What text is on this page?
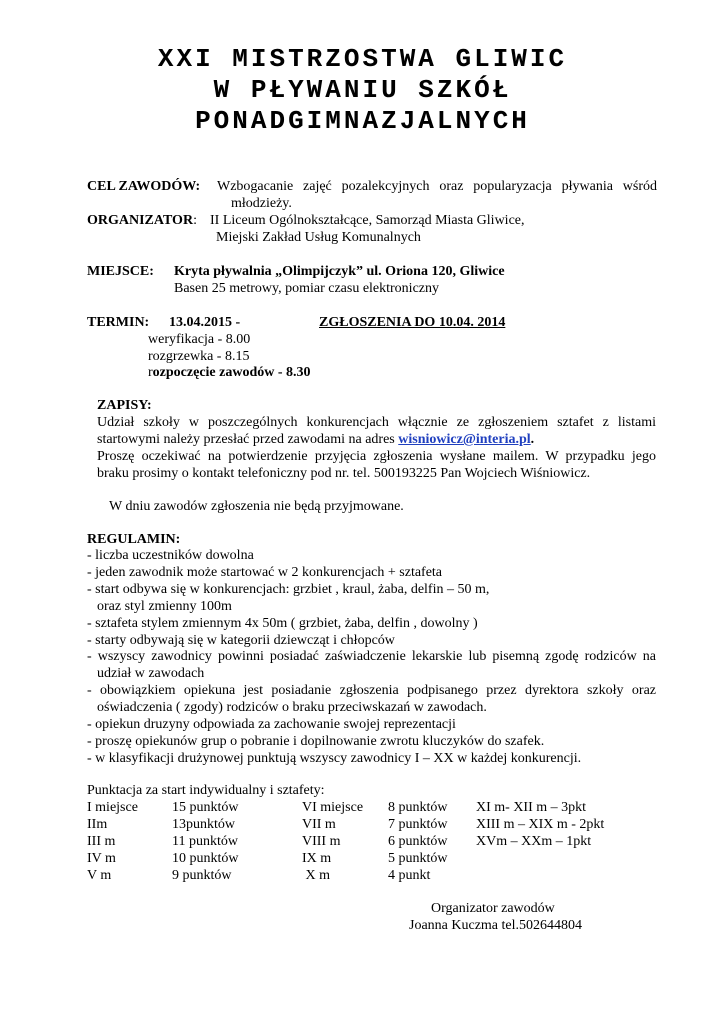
XXI MISTRZOSTWA GLIWIC
W PŁYWANIU SZKÓŁ
PONADGIMNAZJALNYCH
CEL ZAWODÓW: Wzbogacanie zajęć pozalekcyjnych oraz popularyzacja pływania wśród
młodzieży.
ORGANIZATOR: II Liceum Ogólnokształcące, Samorząd Miasta Gliwice,
Miejski Zakład Usług Komunalnych
MIEJSCE: Kryta pływalnia „Olimpijczyk” ul. Oriona 120, Gliwice
Basen 25 metrowy, pomiar czasu elektroniczny
TERMIN: 13.04.2015 -	ZGŁOSZENIA DO 10.04. 2014
weryfikacja - 8.00
rozgrzewka - 8.15
rozpoczęcie zawodów - 8.30
ZAPISY:
Udział szkoły w poszczególnych konkurencjach włącznie ze zgłoszeniem sztafet z listami
startowymi należy przesłać przed zawodami na adres wisniowicz@interia.pl.
Proszę oczekiwać na potwierdzenie przyjęcia zgłoszenia wysłane mailem. W przypadku jego
braku prosimy o kontakt telefoniczny pod nr. tel. 500193225 Pan Wojciech Wiśniowicz.
W dniu zawodów zgłoszenia nie będą przyjmowane.
REGULAMIN:
- liczba uczestników dowolna
- jeden zawodnik może startować w 2 konkurencjach + sztafeta
- start odbywa się w konkurencjach: grzbiet , kraul, żaba, delfin – 50 m,
oraz styl zmienny 100m
- sztafeta stylem zmiennym 4x 50m ( grzbiet, żaba, delfin , dowolny )
- starty odbywają się w kategorii dziewcząt i chłopców
- wszyscy zawodnicy powinni posiadać zaświadczenie lekarskie lub pisemną zgodę rodziców na
udział w zawodach
- obowiązkiem opiekuna jest posiadanie zgłoszenia podpisanego przez dyrektora szkoły oraz
oświadczenia ( zgody) rodziców o braku przeciwskazań w zawodach.
- opiekun druzyny odpowiada za zachowanie swojej reprezentacji
- proszę opiekunów grup o pobranie i dopilnowanie zwrotu kluczyków do szafek.
- w klasyfikacji drużynowej punktują wszyscy zawodnicy I – XX w każdej konkurencji.
Punktacja za start indywidualny i sztafety:
I miejsce
IIm
III m
IV m
V m
15 punktów
13punktów
11 punktów
10 punktów
9 punktów
VI miejsce
VII m
VIII m
IX m
X m
8 punktów
7 punktów
6 punktów
5 punktów
4 punkt
XI m- XII m – 3pkt
XIII m – XIX m - 2pkt
XVm – XXm – 1pkt
Organizator zawodów
Joanna Kuczma tel.502644804
